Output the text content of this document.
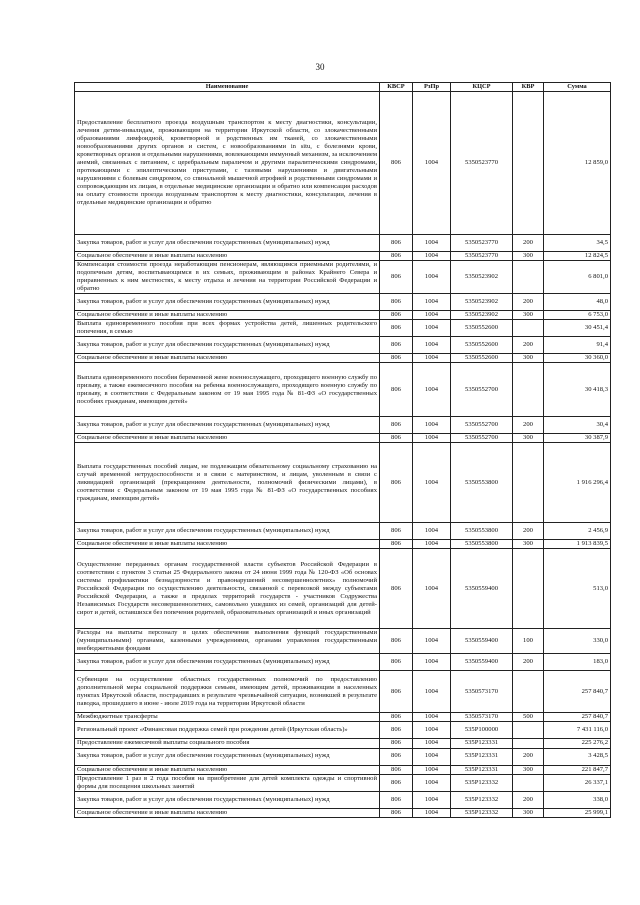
30
Наименование	КВСР	РзПр	КЦСР	КВР	Сумма
Предоставление бесплатного проезда воздушным транспортом к месту диагностики, консультации, лечения детям-инвалидам, проживающим на территории Иркутской области, со злокачественными образованиями лимфоидной, кроветворной и родственных им тканей, со злокачественными новообразованиями других органов и систем, с новообразованиями in situ, с болезнями крови, кроветворных органов и отдельными нарушениями, вовлекающими иммунный механизм, за исключением анемий, связанных с питанием, с церебральным параличом и другими паралитическими синдромами, протекающими с эпилептическими приступами, с тазовыми нарушениями и двигательными нарушениями с болевым синдромом, со спинальной мышечной атрофией и родственными синдромами и сопровождающим их лицам, в отдельные медицинские организации и обратно или компенсация расходов на оплату стоимости проезда воздушным транспортом к месту диагностики, консультации, лечения в отдельные медицинские организации и обратно	806	1004	5350523770		12 859,0
Закупка товаров, работ и услуг для обеспечения государственных (муниципальных) нужд	806	1004	5350523770	200	34,5
Социальное обеспечение и иные выплаты населению	806	1004	5350523770	300	12 824,5
Компенсация стоимости проезда неработающим пенсионерам, являющимся приемными родителями, и подопечным детям, воспитывающимся в их семьях, проживающим в районах Крайнего Севера и приравненных к ним местностях, к месту отдыха и лечения на территории Российской Федерации и обратно	806	1004	5350523902		6 801,0
Закупка товаров, работ и услуг для обеспечения государственных (муниципальных) нужд	806	1004	5350523902	200	48,0
Социальное обеспечение и иные выплаты населению	806	1004	5350523902	300	6 753,0
Выплата единовременного пособия при всех формах устройства детей, лишенных родительского попечения, в семью	806	1004	5350552600		30 451,4
Закупка товаров, работ и услуг для обеспечения государственных (муниципальных) нужд	806	1004	5350552600	200	91,4
Социальное обеспечение и иные выплаты населению	806	1004	5350552600	300	30 360,0
Выплата единовременного пособия беременной жене военнослужащего, проходящего военную службу по призыву, а также ежемесячного пособия на ребенка военнослужащего, проходящего военную службу по призыву, в соответствии с Федеральным законом от 19 мая 1995 года № 81-ФЗ «О государственных пособиях гражданам, имеющим детей»	806	1004	5350552700		30 418,3
Закупка товаров, работ и услуг для обеспечения государственных (муниципальных) нужд	806	1004	5350552700	200	30,4
Социальное обеспечение и иные выплаты населению	806	1004	5350552700	300	30 387,9
Выплата государственных пособий лицам, не подлежащим обязательному социальному страхованию на случай временной нетрудоспособности и в связи с материнством, и лицам, уволенным в связи с ликвидацией организаций (прекращением деятельности, полномочий физическими лицами), в соответствии с Федеральным законом от 19 мая 1995 года № 81-ФЗ «О государственных пособиях гражданам, имеющим детей»	806	1004	5350553800		1 916 296,4
Закупка товаров, работ и услуг для обеспечения государственных (муниципальных) нужд	806	1004	5350553800	200	2 456,9
Социальное обеспечение и иные выплаты населению	806	1004	5350553800	300	1 913 839,5
Осуществление переданных органам государственной власти субъектов Российской Федерации в соответствии с пунктом 3 статьи 25 Федерального закона от 24 июня 1999 года № 120-ФЗ «Об основах системы профилактики безнадзорности и правонарушений несовершеннолетних» полномочий Российской Федерации по осуществлению деятельности, связанной с перевозкой между субъектами Российской Федерации, а также в пределах территорий государств - участников Содружества Независимых Государств несовершеннолетних, самовольно ушедших из семей, организаций для детей-сирот и детей, оставшихся без попечения родителей, образовательных организаций и иных организаций	806	1004	5350559400		513,0
Расходы на выплаты персоналу в целях обеспечения выполнения функций государственными (муниципальными) органами, казенными учреждениями, органами управления государственными внебюджетными фондами	806	1004	5350559400	100	330,0
Закупка товаров, работ и услуг для обеспечения государственных (муниципальных) нужд	806	1004	5350559400	200	183,0
Субвенции на осуществление областных государственных полномочий по предоставлению дополнительной меры социальной поддержки семьям, имеющим детей, проживающим в населенных пунктах Иркутской области, пострадавших в результате чрезвычайной ситуации, возникшей в результате паводка, прошедшего в июне - июле 2019 года на территории Иркутской области	806	1004	5350573170		257 840,7
Межбюджетные трансферты	806	1004	5350573170	500	257 840,7
Региональный проект «Финансовая поддержка семей при рождении детей (Иркутская область)»	806	1004	535P100000		7 431 116,0
Предоставление ежемесячной выплаты социального пособия	806	1004	535P123331		225 276,2
Закупка товаров, работ и услуг для обеспечения государственных (муниципальных) нужд	806	1004	535P123331	200	3 428,5
Социальное обеспечение и иные выплаты населению	806	1004	535P123331	300	221 847,7
Предоставление 1 раз в 2 года пособия на приобретение для детей комплекта одежды и спортивной формы для посещения школьных занятий	806	1004	535P123332		26 337,1
Закупка товаров, работ и услуг для обеспечения государственных (муниципальных) нужд	806	1004	535P123332	200	338,0
Социальное обеспечение и иные выплаты населению	806	1004	535P123332	300	25 999,1
